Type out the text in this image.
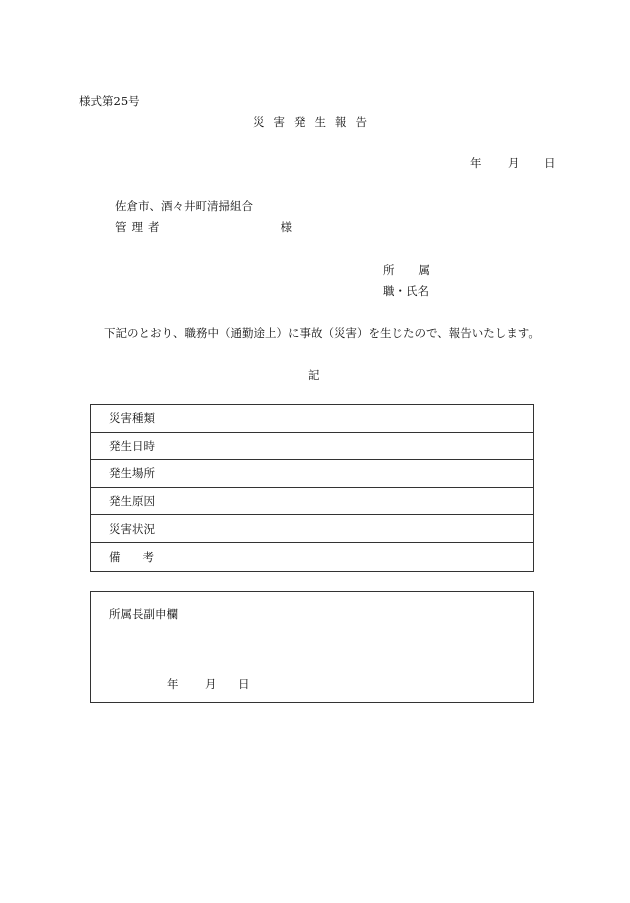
様式第25号
災害発生報告
年 月 日
佐倉市、酒々井町清掃組合
管理者	様
所属
職・氏名
下記のとおり、職務中（通勤途上）に事故（災害）を生じたので、報告いたします。
記
災害種類
発生日時
発生場所
発生原因
災害状況
備考
所属長副申欄
年 月 日
